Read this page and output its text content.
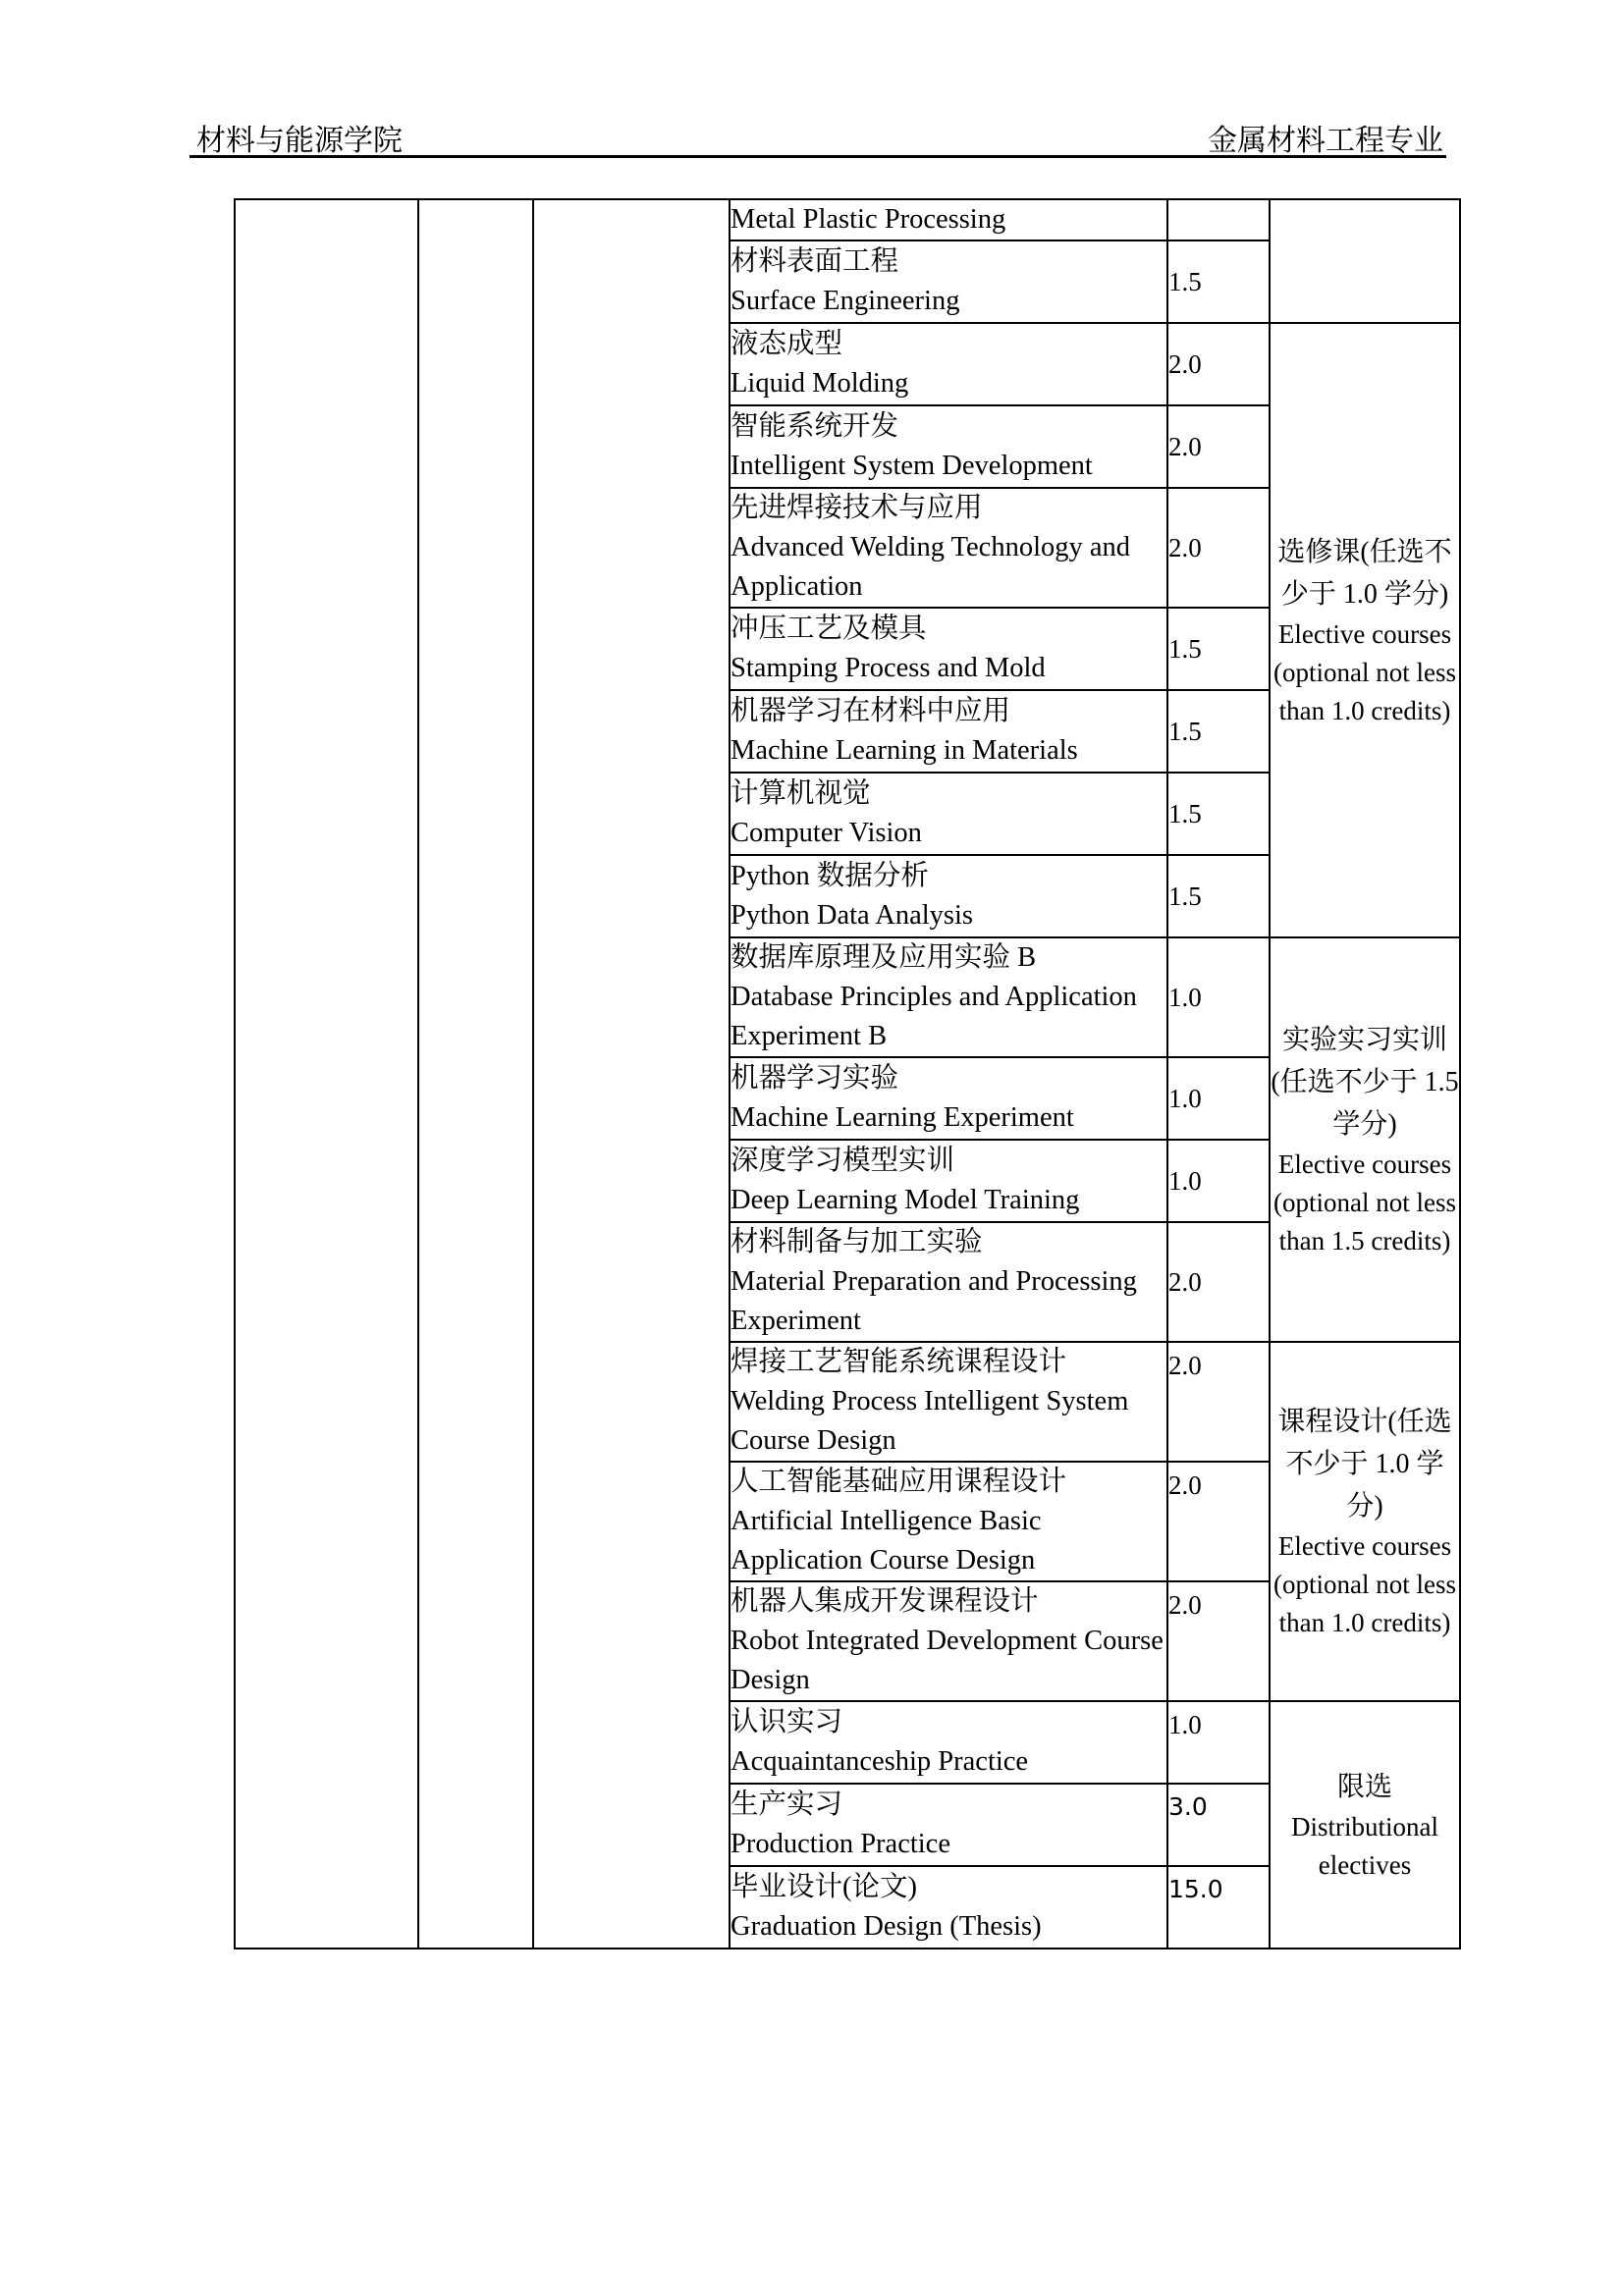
材料与能源学院	金属材料工程专业

			Metal Plastic Processing		

			材料表面工程
Surface Engineering	1.5	

			液态成型
Liquid Molding	2.0	选修课(任选不少于 1.0 学分)
Elective courses (optional not less than 1.0 credits)

			智能系统开发
Intelligent System Development	2.0	

			先进焊接技术与应用
Advanced Welding Technology and Application	2.0	

			冲压工艺及模具
Stamping Process and Mold	1.5	

			机器学习在材料中应用
Machine Learning in Materials	1.5	

			计算机视觉
Computer Vision	1.5	

			Python 数据分析
Python Data Analysis	1.5	

			数据库原理及应用实验 B
Database Principles and Application Experiment B	1.0	实验实习实训(任选不少于 1.5 学分)
Elective courses (optional not less than 1.5 credits)

			机器学习实验
Machine Learning Experiment	1.0	

			深度学习模型实训
Deep Learning Model Training	1.0	

			材料制备与加工实验
Material Preparation and Processing Experiment	2.0	

			焊接工艺智能系统课程设计
Welding Process Intelligent System Course Design	2.0	课程设计(任选不少于 1.0 学分)
Elective courses (optional not less than 1.0 credits)

			人工智能基础应用课程设计
Artificial Intelligence Basic Application Course Design	2.0	

			机器人集成开发课程设计
Robot Integrated Development Course Design	2.0	

			认识实习
Acquaintanceship Practice	1.0	限选
Distributional electives

			生产实习
Production Practice	3.0	

			毕业设计(论文)
Graduation Design (Thesis)	15.0	
